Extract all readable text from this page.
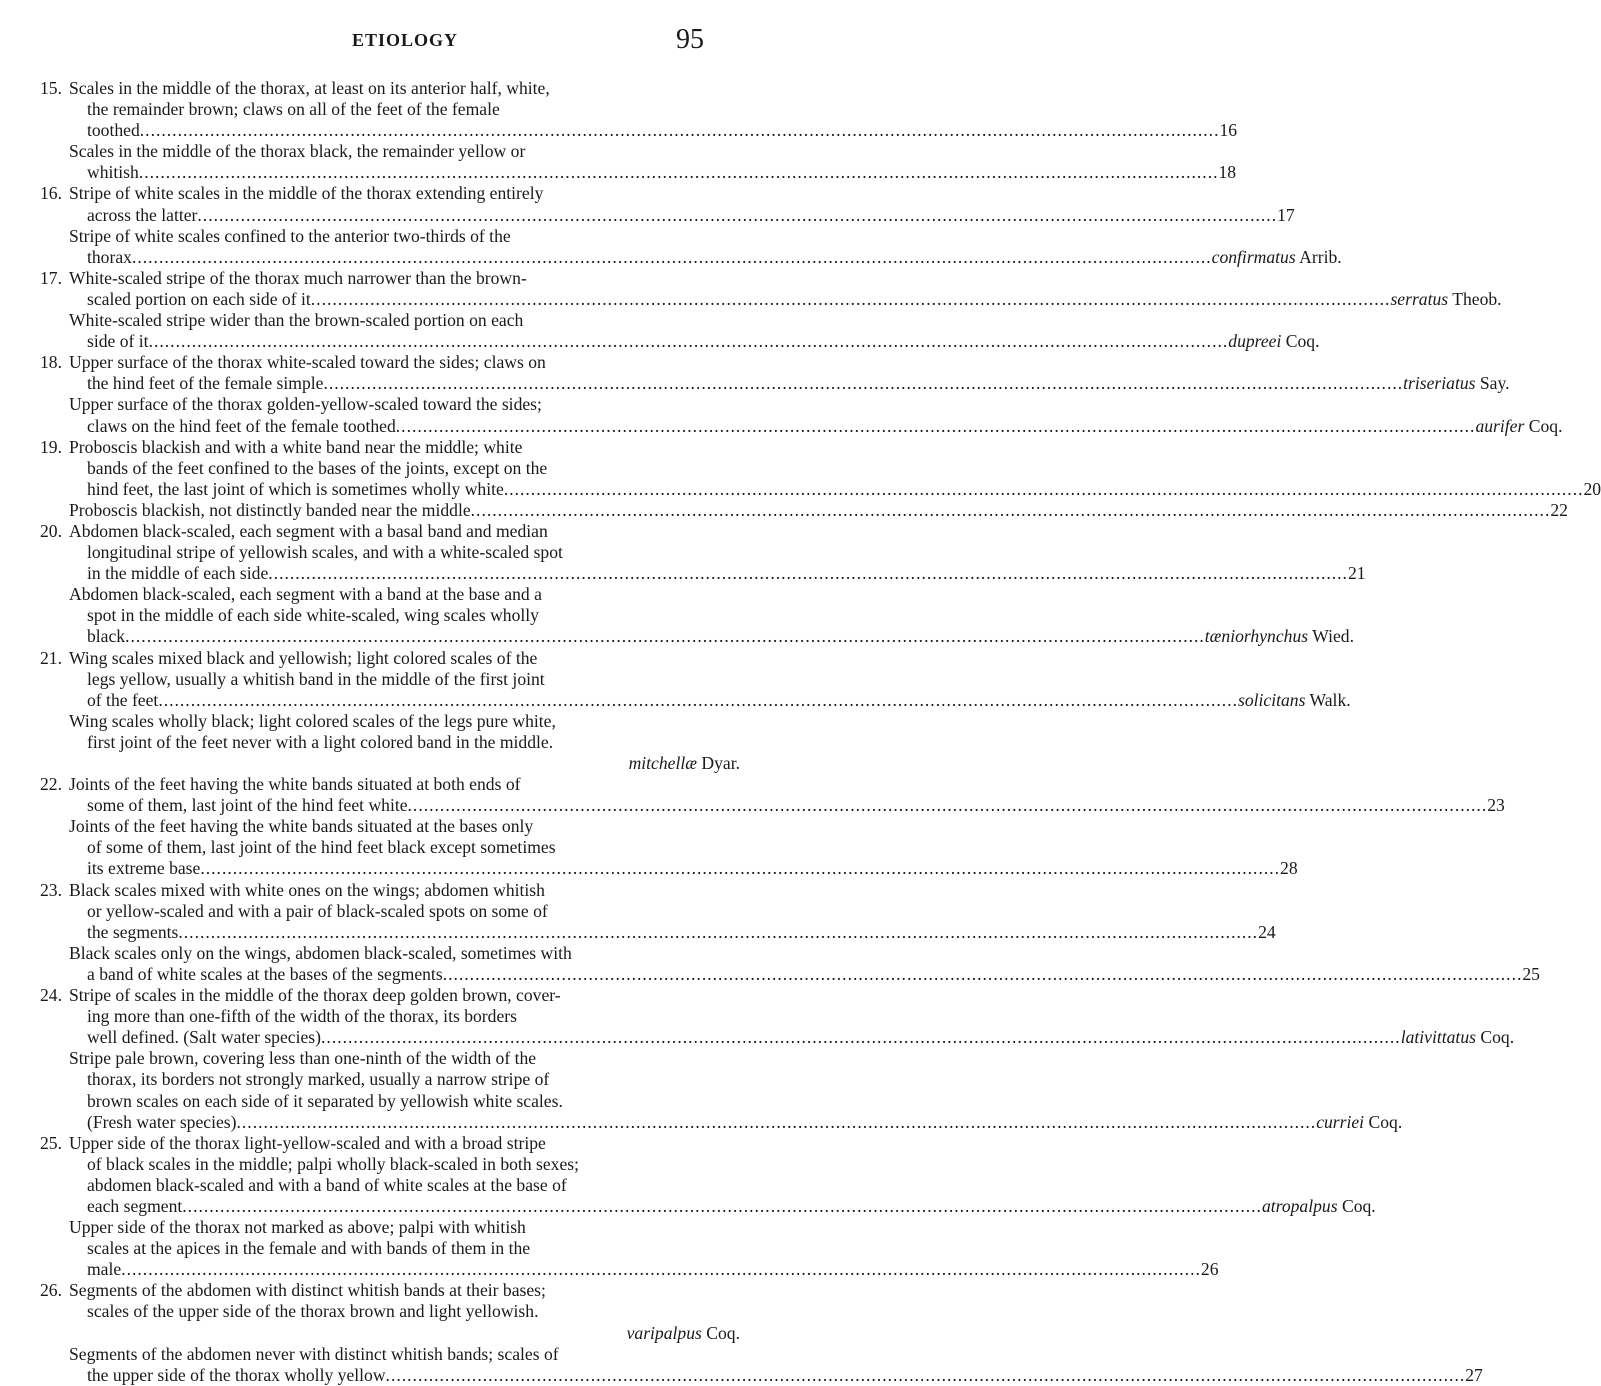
ETIOLOGY	95
15. Scales in the middle of the thorax, at least on its anterior half, white,
the remainder brown; claws on all of the feet of the female
toothed ........................................................................................................................................................................................................ 16
Scales in the middle of the thorax black, the remainder yellow or
whitish ........................................................................................................................................................................................................ 18
16. Stripe of white scales in the middle of the thorax extending entirely
across the latter ........................................................................................................................................................................................................ 17
Stripe of white scales confined to the anterior two-thirds of the
thorax ........................................................................................................................................................................................................ confirmatus Arrib.
17. White-scaled stripe of the thorax much narrower than the brown-
scaled portion on each side of it ........................................................................................................................................................................................................ serratus Theob.
White-scaled stripe wider than the brown-scaled portion on each
side of it ........................................................................................................................................................................................................ dupreei Coq.
18. Upper surface of the thorax white-scaled toward the sides; claws on
the hind feet of the female simple ........................................................................................................................................................................................................ triseriatus Say.
Upper surface of the thorax golden-yellow-scaled toward the sides;
claws on the hind feet of the female toothed ........................................................................................................................................................................................................ aurifer Coq.
19. Proboscis blackish and with a white band near the middle; white
bands of the feet confined to the bases of the joints, except on the
hind feet, the last joint of which is sometimes wholly white ........................................................................................................................................................................................................ 20
Proboscis blackish, not distinctly banded near the middle ........................................................................................................................................................................................................ 22
20. Abdomen black-scaled, each segment with a basal band and median
longitudinal stripe of yellowish scales, and with a white-scaled spot
in the middle of each side ........................................................................................................................................................................................................ 21
Abdomen black-scaled, each segment with a band at the base and a
spot in the middle of each side white-scaled, wing scales wholly
black ........................................................................................................................................................................................................ tæniorhynchus Wied.
21. Wing scales mixed black and yellowish; light colored scales of the
legs yellow, usually a whitish band in the middle of the first joint
of the feet ........................................................................................................................................................................................................ solicitans Walk.
Wing scales wholly black; light colored scales of the legs pure white,
first joint of the feet never with a light colored band in the middle.
mitchellæ Dyar.
22. Joints of the feet having the white bands situated at both ends of
some of them, last joint of the hind feet white ........................................................................................................................................................................................................ 23
Joints of the feet having the white bands situated at the bases only
of some of them, last joint of the hind feet black except sometimes
its extreme base ........................................................................................................................................................................................................ 28
23. Black scales mixed with white ones on the wings; abdomen whitish
or yellow-scaled and with a pair of black-scaled spots on some of
the segments ........................................................................................................................................................................................................ 24
Black scales only on the wings, abdomen black-scaled, sometimes with
a band of white scales at the bases of the segments ........................................................................................................................................................................................................ 25
24. Stripe of scales in the middle of the thorax deep golden brown, cover-
ing more than one-fifth of the width of the thorax, its borders
well defined. (Salt water species) ........................................................................................................................................................................................................ lativittatus Coq.
Stripe pale brown, covering less than one-ninth of the width of the
thorax, its borders not strongly marked, usually a narrow stripe of
brown scales on each side of it separated by yellowish white scales.
(Fresh water species) ........................................................................................................................................................................................................ curriei Coq.
25. Upper side of the thorax light-yellow-scaled and with a broad stripe
of black scales in the middle; palpi wholly black-scaled in both sexes;
abdomen black-scaled and with a band of white scales at the base of
each segment ........................................................................................................................................................................................................ atropalpus Coq.
Upper side of the thorax not marked as above; palpi with whitish
scales at the apices in the female and with bands of them in the
male ........................................................................................................................................................................................................ 26
26. Segments of the abdomen with distinct whitish bands at their bases;
scales of the upper side of the thorax brown and light yellowish.
varipalpus Coq.
Segments of the abdomen never with distinct whitish bands; scales of
the upper side of the thorax wholly yellow ........................................................................................................................................................................................................ 27
